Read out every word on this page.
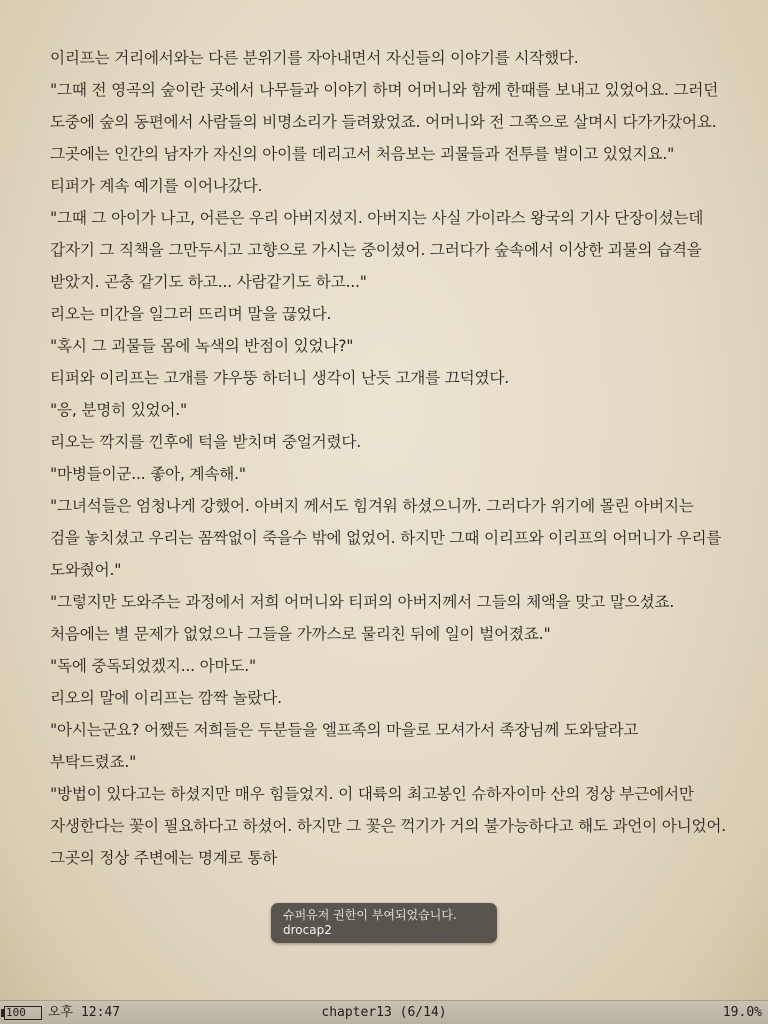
이리프는 거리에서와는 다른 분위기를 자아내면서 자신들의 이야기를 시작했다.

"그때 전 영곡의 숲이란 곳에서 나무들과 이야기 하며 어머니와 함께 한때를 보내고 있었어요. 그러던 도중에 숲의 동편에서 사람들의 비명소리가 들려왔었죠. 어머니와 전 그쪽으로 살며시 다가가갔어요. 그곳에는 인간의 남자가 자신의 아이를 데리고서 처음보는 괴물들과 전투를 벌이고 있었지요."

티퍼가 계속 예기를 이어나갔다.

"그때 그 아이가 나고, 어른은 우리 아버지셨지. 아버지는 사실 가이라스 왕국의 기사 단장이셨는데 갑자기 그 직책을 그만두시고 고향으로 가시는 중이셨어. 그러다가 숲속에서 이상한 괴물의 습격을 받았지. 곤충 같기도 하고... 사람같기도 하고..."

리오는 미간을 일그러 뜨리며 말을 끊었다.

"혹시 그 괴물들 몸에 녹색의 반점이 있었나?"

티퍼와 이리프는 고개를 갸우뚱 하더니 생각이 난듯 고개를 끄덕였다.

"응, 분명히 있었어."

리오는 깍지를 낀후에 턱을 받치며 중얼거렸다.

"마병들이군... 좋아, 계속해."

"그녀석들은 엄청나게 강했어. 아버지 께서도 힘겨워 하셨으니까. 그러다가 위기에 몰린 아버지는 검을 놓치셨고 우리는 꼼짝없이 죽을수 밖에 없었어. 하지만 그때 이리프와 이리프의 어머니가 우리를 도와줬어."

"그렇지만 도와주는 과정에서 저희 어머니와 티퍼의 아버지께서 그들의 체액을 맞고 말으셨죠. 처음에는 별 문제가 없었으나 그들을 가까스로 물리친 뒤에 일이 벌어졌죠."

"독에 중독되었겠지... 아마도."

리오의 말에 이리프는 깜짝 놀랐다.

"아시는군요? 어쨌든 저희들은 두분들을 엘프족의 마을로 모셔가서 족장님께 도와달라고 부탁드렸죠."

"방법이 있다고는 하셨지만 매우 힘들었지. 이 대륙의 최고봉인 슈하자이마 산의 정상 부근에서만 자생한다는 꽃이 필요하다고 하셨어. 하지만 그 꽃은 꺽기가 거의 불가능하다고 해도 과언이 아니었어. 그곳의 정상 주변에는 명계로 통하

슈퍼유저 권한이 부여되었습니다.
drocap2
100 오후 12:47	chapter13 (6/14)	19.0%
